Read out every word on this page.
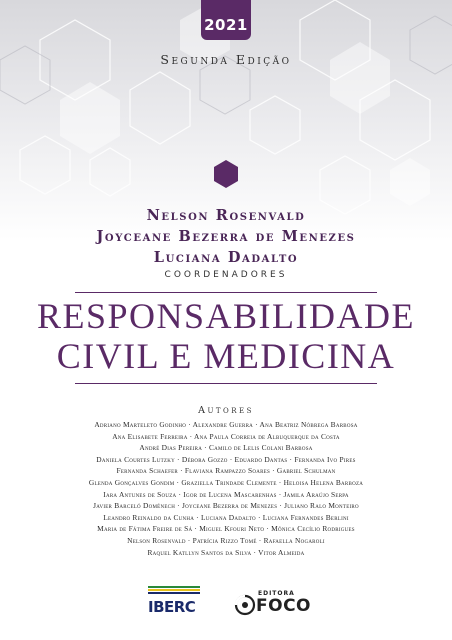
2021
Segunda Edição
Nelson Rosenvald
Joyceane Bezerra de Menezes
Luciana Dadalto
COORDENADORES
RESPONSABILIDADE
CIVIL E MEDICINA
Autores
Adriano Marteleto Godinho · Alexandre Guerra · Ana Beatriz Nóbrega Barbosa
Ana Elisabete Ferreira · Ana Paula Correia de Albuquerque da Costa
André Dias Pereira · Camilo de Lelis Colani Barbosa
Daniela Courtes Lutzky · Débora Gozzo · Eduardo Dantas · Fernanda Ivo Pires
Fernanda Schaefer · Flaviana Rampazzo Soares · Gabriel Schulman
Glenda Gonçalves Gondim · Graziella Trindade Clemente · Heloisa Helena Barboza
Iara Antunes de Souza · Igor de Lucena Mascarenhas · Jamila Araújo Serpa
Javier Barceló Doménech · Joyceane Bezerra de Menezes · Juliano Ralo Monteiro
Leandro Reinaldo da Cunha · Luciana Dadalto · Luciana Fernandes Berlini
Maria de Fátima Freire de Sá · Miguel Kfouri Neto · Mônica Cecílio Rodrigues
Nelson Rosenvald · Patrícia Rizzo Tomé · Rafaella Nogaroli
Raquel Katllyn Santos da Silva · Vitor Almeida
IBERC
EDITORA
FOCO
